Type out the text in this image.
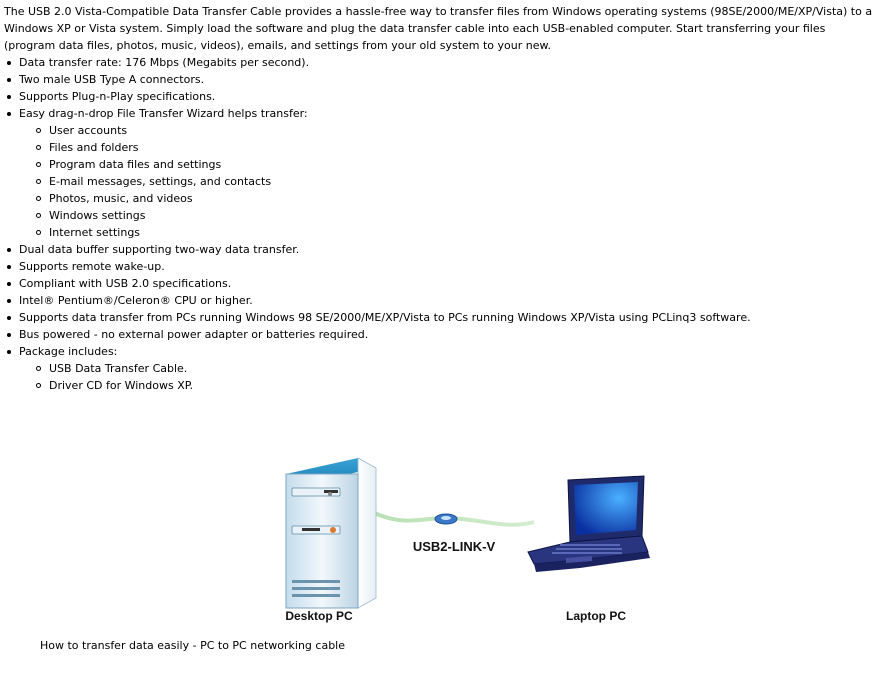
The USB 2.0 Vista-Compatible Data Transfer Cable provides a hassle-free way to transfer files from Windows operating systems (98SE/2000/ME/XP/Vista) to a Windows XP or Vista system. Simply load the software and plug the data transfer cable into each USB-enabled computer. Start transferring your files (program data files, photos, music, videos), emails, and settings from your old system to your new.

Data transfer rate: 176 Mbps (Megabits per second).
Two male USB Type A connectors.
Supports Plug-n-Play specifications.
Easy drag-n-drop File Transfer Wizard helps transfer:
User accounts
Files and folders
Program data files and settings
E-mail messages, settings, and contacts
Photos, music, and videos
Windows settings
Internet settings
Dual data buffer supporting two-way data transfer.
Supports remote wake-up.
Compliant with USB 2.0 specifications.
Intel® Pentium®/Celeron® CPU or higher.
Supports data transfer from PCs running Windows 98 SE/2000/ME/XP/Vista to PCs running Windows XP/Vista using PCLinq3 software.
Bus powered - no external power adapter or batteries required.
Package includes:
USB Data Transfer Cable.
Driver CD for Windows XP.
Desktop PC	Laptop PC
USB2-LINK-V
How to transfer data easily - PC to PC networking cable
